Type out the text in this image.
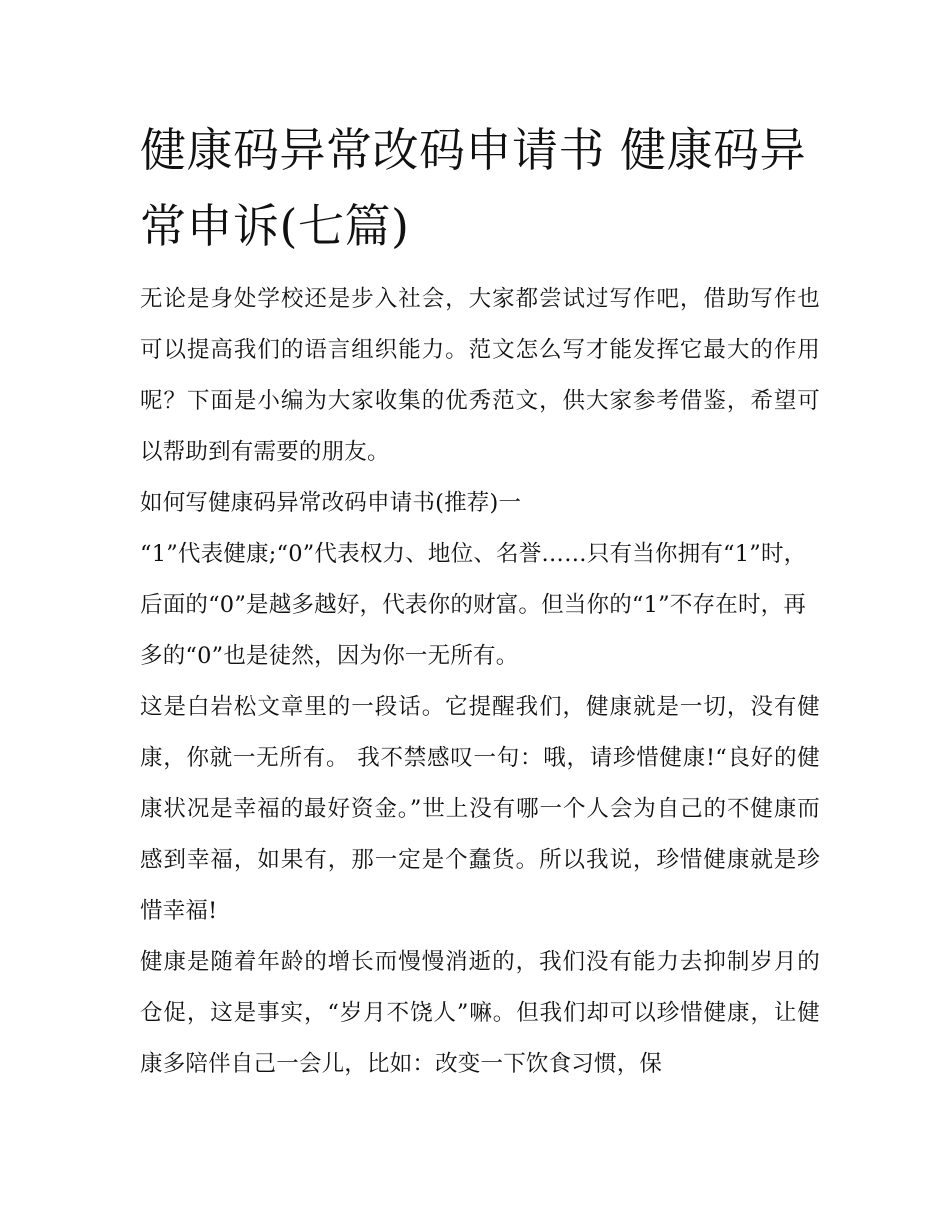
健康码异常改码申请书 健康码异常申诉(七篇)

无论是身处学校还是步入社会，大家都尝试过写作吧，借助写作也可以提高我们的语言组织能力。范文怎么写才能发挥它最大的作用呢？下面是小编为大家收集的优秀范文，供大家参考借鉴，希望可以帮助到有需要的朋友。

如何写健康码异常改码申请书(推荐)一

“1”代表健康;“0”代表权力、地位、名誉……只有当你拥有“1”时，后面的“0”是越多越好，代表你的财富。但当你的“1”不存在时，再多的“0”也是徒然，因为你一无所有。

这是白岩松文章里的一段话。它提醒我们，健康就是一切，没有健康，你就一无所有。 我不禁感叹一句：哦，请珍惜健康!“良好的健康状况是幸福的最好资金。”世上没有哪一个人会为自己的不健康而感到幸福，如果有，那一定是个蠢货。所以我说，珍惜健康就是珍惜幸福!

健康是随着年龄的增长而慢慢消逝的，我们没有能力去抑制岁月的仓促，这是事实，“岁月不饶人”嘛。但我们却可以珍惜健康，让健康多陪伴自己一会儿，比如：改变一下饮食习惯，保
